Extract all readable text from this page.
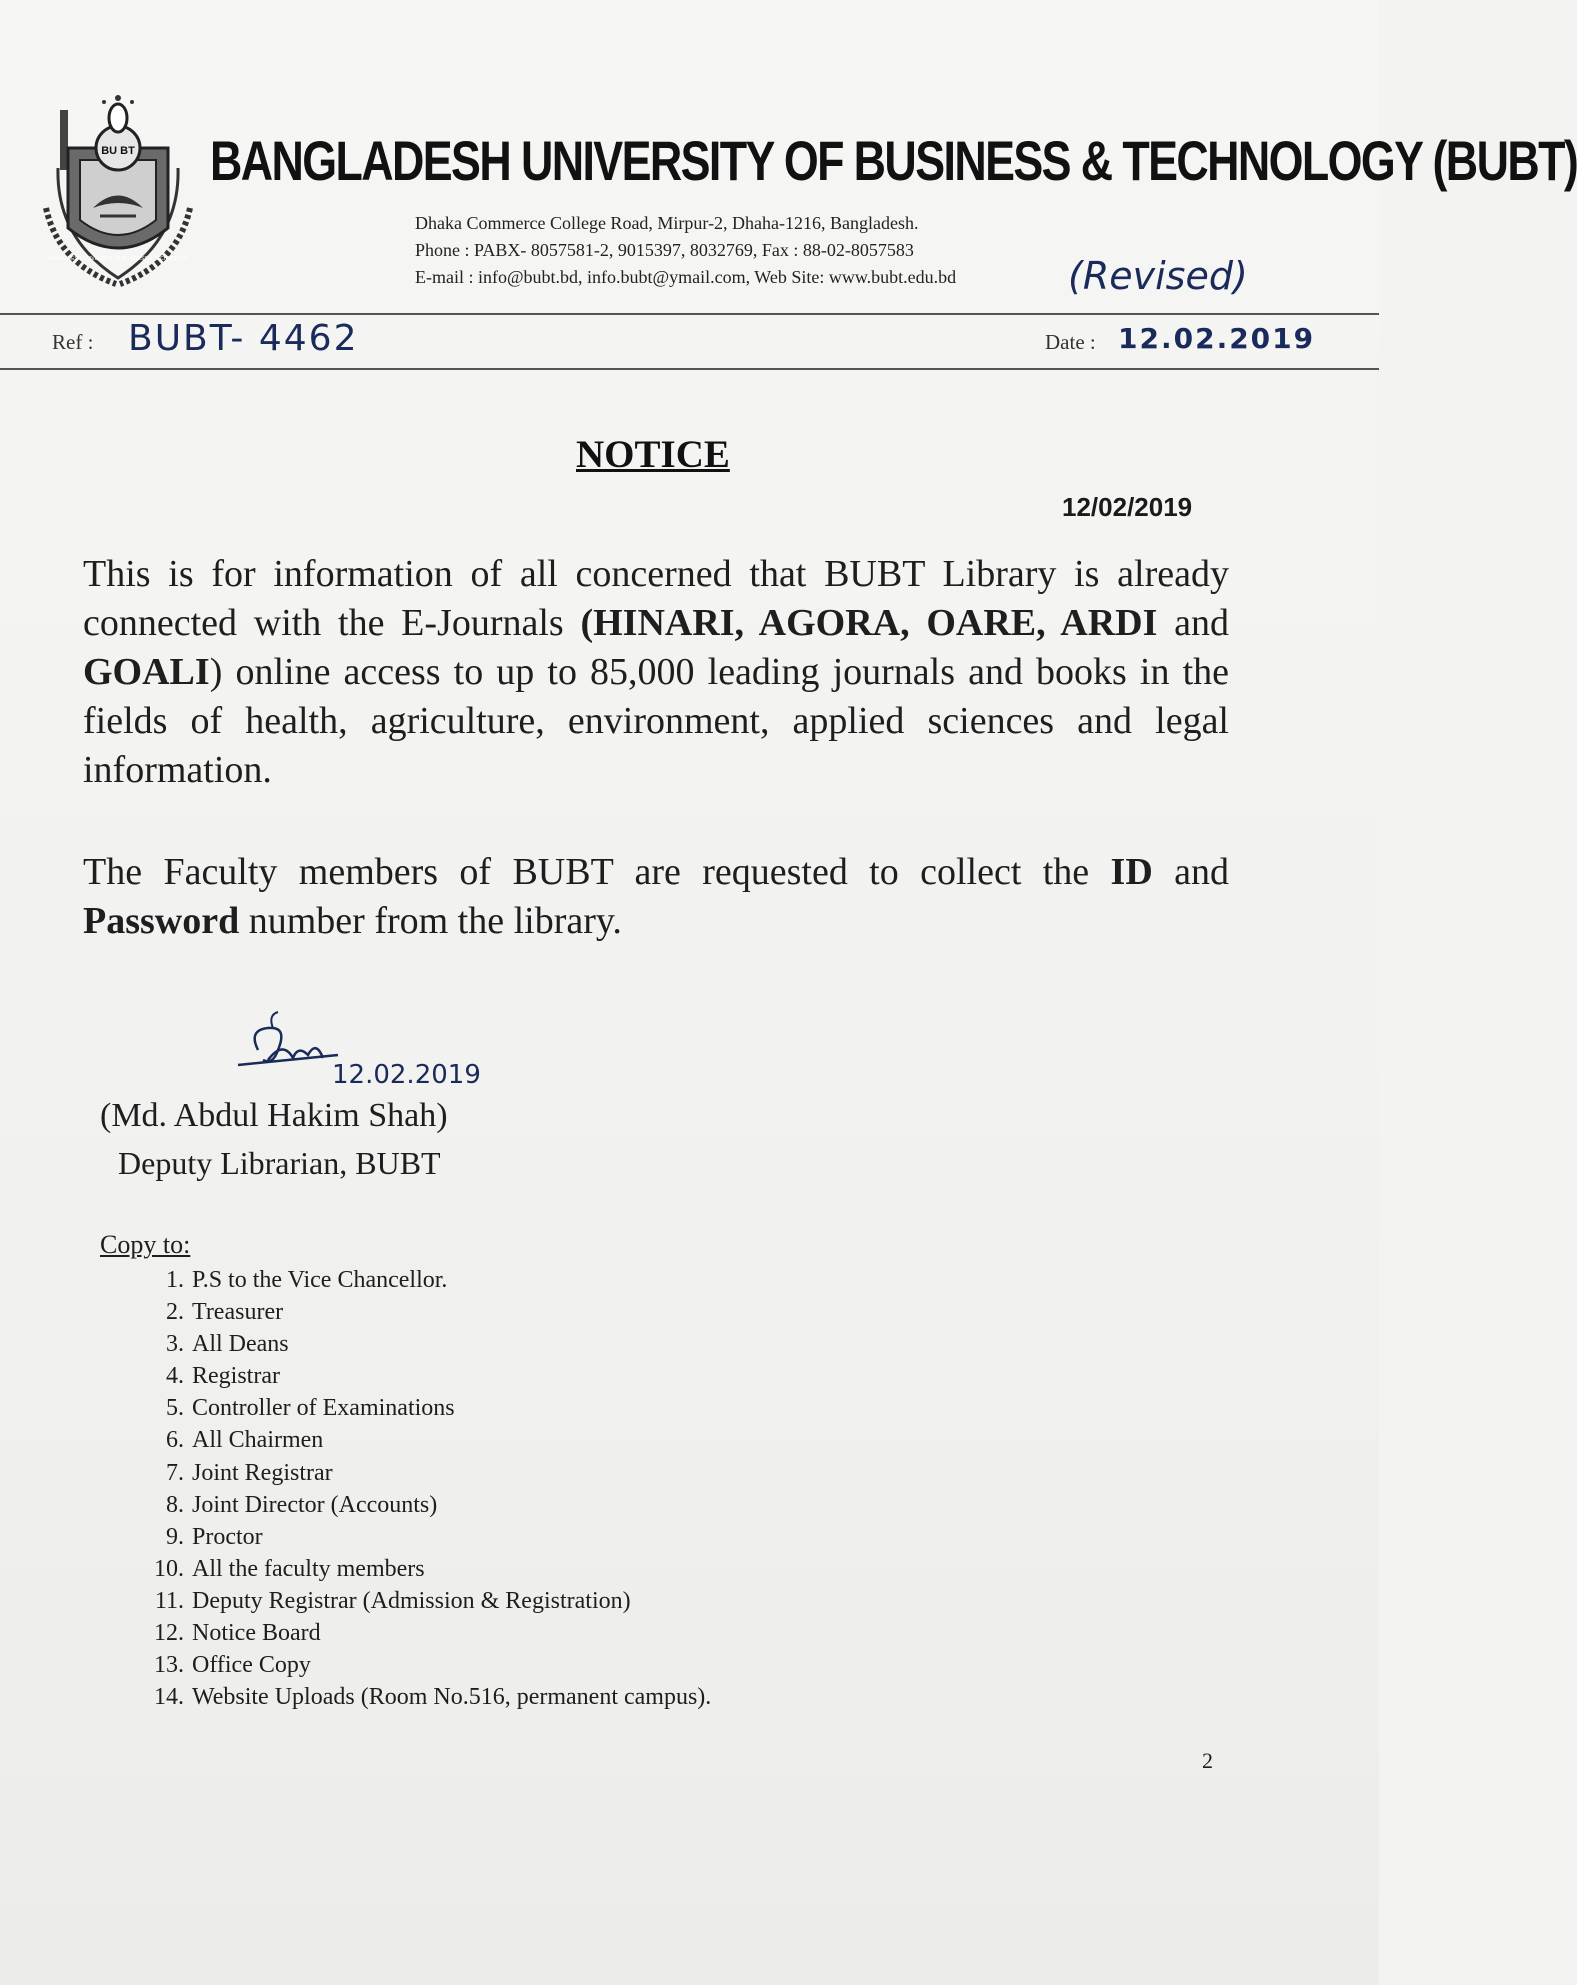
BU BT
BANGLADESH UNIVERSITY OF BUSINESS & TECHNOLOGY
BANGLADESH UNIVERSITY OF BUSINESS & TECHNOLOGY (BUBT)
Dhaka Commerce College Road, Mirpur-2, Dhaha-1216, Bangladesh.
Phone : PABX- 8057581-2, 9015397, 8032769, Fax : 88-02-8057583
E-mail : info@bubt.bd, info.bubt@ymail.com, Web Site: www.bubt.edu.bd	(Revised)
Ref : BUBT- 4462	Date : 12.02.2019
NOTICE
12/02/2019
This is for information of all concerned that BUBT Library is already connected with the E-Journals (HINARI, AGORA, OARE, ARDI and GOALI) online access to up to 85,000 leading journals and books in the fields of health, agriculture, environment, applied sciences and legal information.
The Faculty members of BUBT are requested to collect the ID and Password number from the library.
12.02.2019
(Md. Abdul Hakim Shah)
Deputy Librarian, BUBT
Copy to:
1. P.S to the Vice Chancellor.
2. Treasurer
3. All Deans
4. Registrar
5. Controller of Examinations
6. All Chairmen
7. Joint Registrar
8. Joint Director (Accounts)
9. Proctor
10. All the faculty members
11. Deputy Registrar (Admission & Registration)
12. Notice Board
13. Office Copy
14. Website Uploads (Room No.516, permanent campus).
2
